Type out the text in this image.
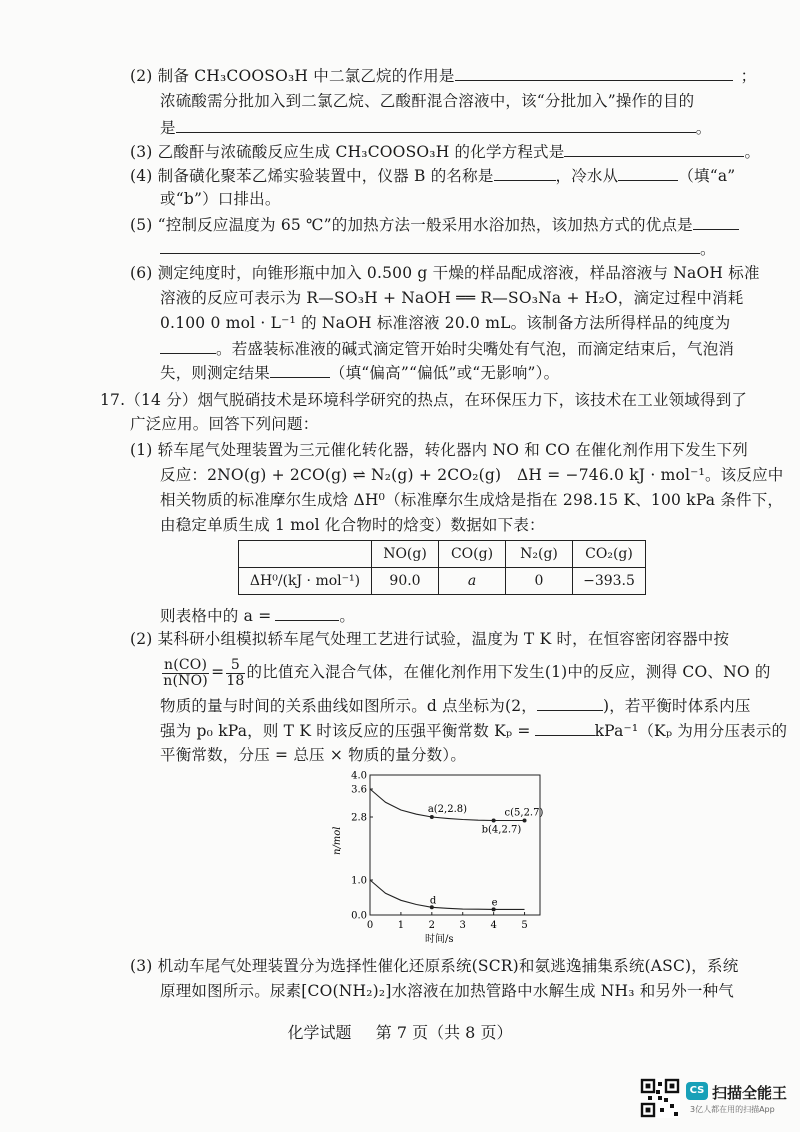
(2) 制备 CH₃COOSO₃H 中二氯乙烷的作用是	；
浓硫酸需分批加入到二氯乙烷、乙酸酐混合溶液中，该“分批加入”操作的目的
是	。
(3) 乙酸酐与浓硫酸反应生成 CH₃COOSO₃H 的化学方程式是	。
(4) 制备磺化聚苯乙烯实验装置中，仪器 B 的名称是	，冷水从	（填“a”
或“b”）口排出。
(5) “控制反应温度为 65 ℃”的加热方法一般采用水浴加热，该加热方式的优点是
。
(6) 测定纯度时，向锥形瓶中加入 0.500 g 干燥的样品配成溶液，样品溶液与 NaOH 标准
溶液的反应可表示为 R—SO₃H + NaOH ══ R—SO₃Na + H₂O，滴定过程中消耗
0.100 0 mol · L⁻¹ 的 NaOH 标准溶液 20.0 mL。该制备方法所得样品的纯度为
。若盛装标准液的碱式滴定管开始时尖嘴处有气泡，而滴定结束后，气泡消
失，则测定结果	（填“偏高”“偏低”或“无影响”）。
17.（14 分）烟气脱硝技术是环境科学研究的热点，在环保压力下，该技术在工业领域得到了
广泛应用。回答下列问题：
(1) 轿车尾气处理装置为三元催化转化器，转化器内 NO 和 CO 在催化剂作用下发生下列
反应：2NO(g) + 2CO(g) ⇌ N₂(g) + 2CO₂(g)　ΔH = −746.0 kJ · mol⁻¹。该反应中
相关物质的标准摩尔生成焓 ΔH⁰（标准摩尔生成焓是指在 298.15 K、100 kPa 条件下，
由稳定单质生成 1 mol 化合物时的焓变）数据如下表：
	NO(g)	CO(g)	N₂(g)	CO₂(g)
ΔH⁰/(kJ · mol⁻¹)	90.0	a	0	−393.5
则表格中的 a =	。
(2) 某科研小组模拟轿车尾气处理工艺进行试验，温度为 T K 时，在恒容密闭容器中按
$\frac{n(CO)}{n(NO)} = \frac{5}{18}$ 的比值充入混合气体，在催化剂作用下发生(1)中的反应，测得 CO、NO 的
物质的量与时间的关系曲线如图所示。d 点坐标为(2，	)，若平衡时体系内压
强为 p₀ kPa，则 T K 时该反应的压强平衡常数 Kₚ =	kPa⁻¹（Kₚ 为用分压表示的
平衡常数，分压 = 总压 × 物质的量分数）。
0 1 2 3 4 5
0.0
1.0
2.8
3.6
4.0
时间/s
n/mol
a(2,2.8)
b(4,2.7)
c(5,2.7)
d	e
(3) 机动车尾气处理装置分为选择性催化还原系统(SCR)和氨逃逸捕集系统(ASC)，系统
原理如图所示。尿素[CO(NH₂)₂]水溶液在加热管路中水解生成 NH₃ 和另外一种气
化学试题 第 7 页（共 8 页）
CS 扫描全能王
3亿人都在用的扫描App
